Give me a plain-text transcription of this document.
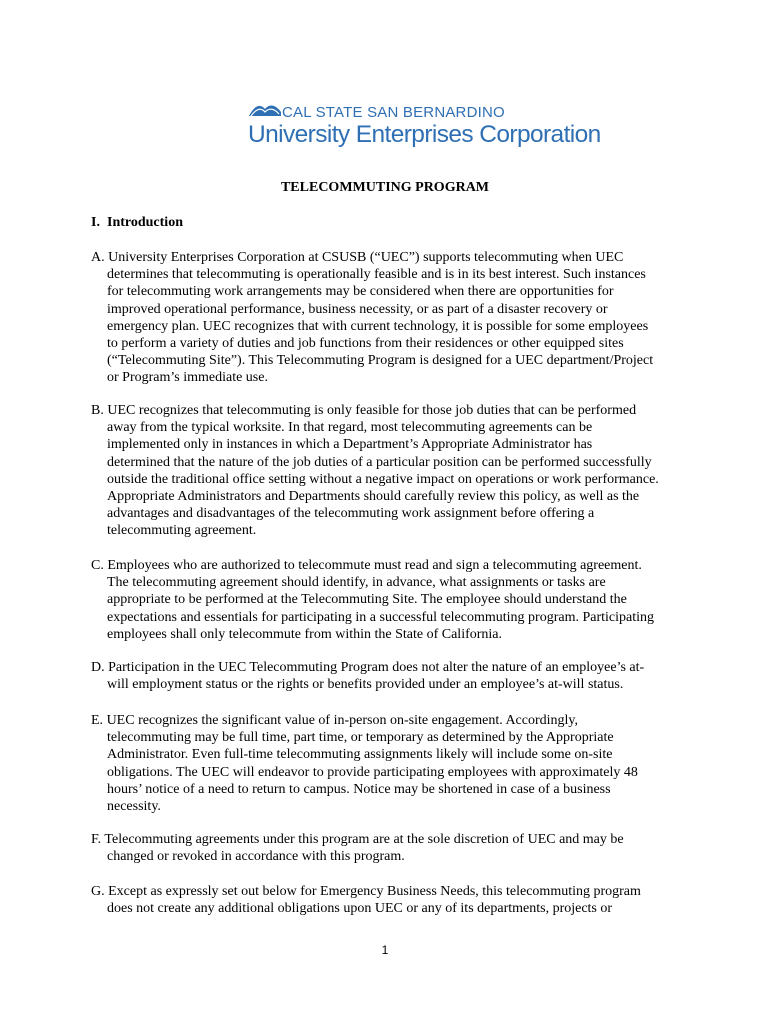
CAL STATE SAN BERNARDINO
University Enterprises Corporation
TELECOMMUTING PROGRAM
I. Introduction
A. University Enterprises Corporation at CSUSB (“UEC”) supports telecommuting when UEC
determines that telecommuting is operationally feasible and is in its best interest. Such instances
for telecommuting work arrangements may be considered when there are opportunities for
improved operational performance, business necessity, or as part of a disaster recovery or
emergency plan. UEC recognizes that with current technology, it is possible for some employees
to perform a variety of duties and job functions from their residences or other equipped sites
(“Telecommuting Site”). This Telecommuting Program is designed for a UEC department/Project
or Program’s immediate use.
B. UEC recognizes that telecommuting is only feasible for those job duties that can be performed
away from the typical worksite. In that regard, most telecommuting agreements can be
implemented only in instances in which a Department’s Appropriate Administrator has
determined that the nature of the job duties of a particular position can be performed successfully
outside the traditional office setting without a negative impact on operations or work performance.
Appropriate Administrators and Departments should carefully review this policy, as well as the
advantages and disadvantages of the telecommuting work assignment before offering a
telecommuting agreement.
C. Employees who are authorized to telecommute must read and sign a telecommuting agreement.
The telecommuting agreement should identify, in advance, what assignments or tasks are
appropriate to be performed at the Telecommuting Site. The employee should understand the
expectations and essentials for participating in a successful telecommuting program. Participating
employees shall only telecommute from within the State of California.
D. Participation in the UEC Telecommuting Program does not alter the nature of an employee’s at-
will employment status or the rights or benefits provided under an employee’s at-will status.
E. UEC recognizes the significant value of in-person on-site engagement. Accordingly,
telecommuting may be full time, part time, or temporary as determined by the Appropriate
Administrator. Even full-time telecommuting assignments likely will include some on-site
obligations. The UEC will endeavor to provide participating employees with approximately 48
hours’ notice of a need to return to campus. Notice may be shortened in case of a business
necessity.
F. Telecommuting agreements under this program are at the sole discretion of UEC and may be
changed or revoked in accordance with this program.
G. Except as expressly set out below for Emergency Business Needs, this telecommuting program
does not create any additional obligations upon UEC or any of its departments, projects or
1
